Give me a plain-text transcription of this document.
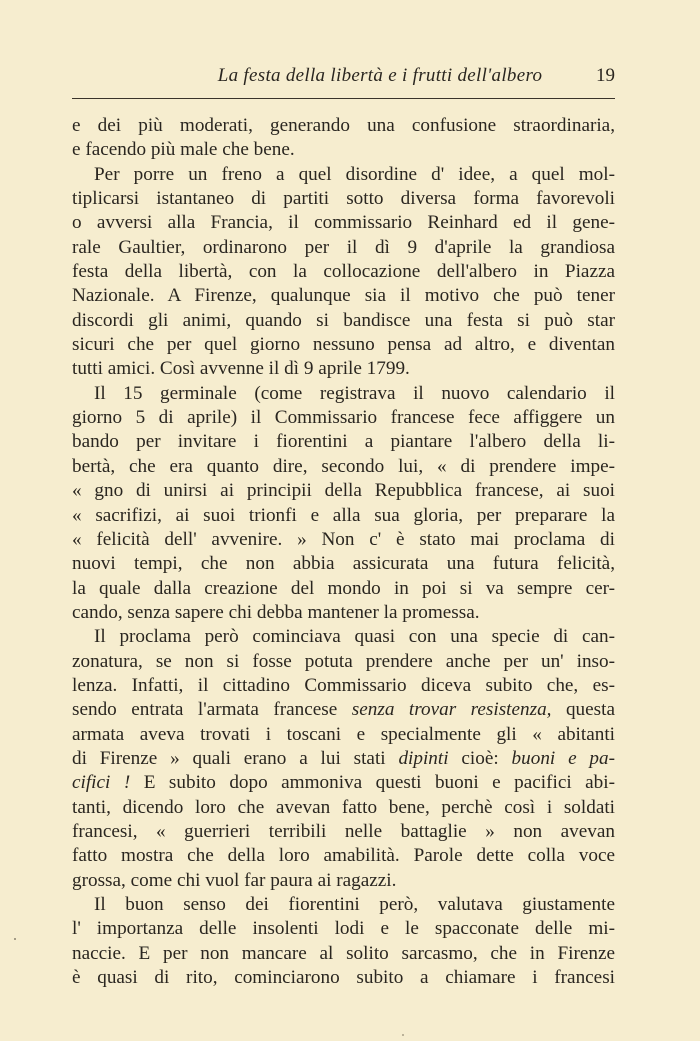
La festa della libertà e i frutti dell'albero	19
e dei più moderati, generando una confusione straordinaria,
e facendo più male che bene.
Per porre un freno a quel disordine d' idee, a quel mol-
tiplicarsi istantaneo di partiti sotto diversa forma favorevoli
o avversi alla Francia, il commissario Reinhard ed il gene-
rale Gaultier, ordinarono per il dì 9 d'aprile la grandiosa
festa della libertà, con la collocazione dell'albero in Piazza
Nazionale. A Firenze, qualunque sia il motivo che può tener
discordi gli animi, quando si bandisce una festa si può star
sicuri che per quel giorno nessuno pensa ad altro, e diventan
tutti amici. Così avvenne il dì 9 aprile 1799.
Il 15 germinale (come registrava il nuovo calendario il
giorno 5 di aprile) il Commissario francese fece affiggere un
bando per invitare i fiorentini a piantare l'albero della li-
bertà, che era quanto dire, secondo lui, « di prendere impe-
« gno di unirsi ai principii della Repubblica francese, ai suoi
« sacrifizi, ai suoi trionfi e alla sua gloria, per preparare la
« felicità dell' avvenire. » Non c' è stato mai proclama di
nuovi tempi, che non abbia assicurata una futura felicità,
la quale dalla creazione del mondo in poi si va sempre cer-
cando, senza sapere chi debba mantener la promessa.
Il proclama però cominciava quasi con una specie di can-
zonatura, se non si fosse potuta prendere anche per un' inso-
lenza. Infatti, il cittadino Commissario diceva subito che, es-
sendo entrata l'armata francese senza trovar resistenza, questa
armata aveva trovati i toscani e specialmente gli « abitanti
di Firenze » quali erano a lui stati dipinti cioè: buoni e pa-
cifici ! E subito dopo ammoniva questi buoni e pacifici abi-
tanti, dicendo loro che avevan fatto bene, perchè così i soldati
francesi, « guerrieri terribili nelle battaglie » non avevan
fatto mostra che della loro amabilità. Parole dette colla voce
grossa, come chi vuol far paura ai ragazzi.
Il buon senso dei fiorentini però, valutava giustamente
l' importanza delle insolenti lodi e le spacconate delle mi-
naccie. E per non mancare al solito sarcasmo, che in Firenze
è quasi di rito, cominciarono subito a chiamare i francesi
